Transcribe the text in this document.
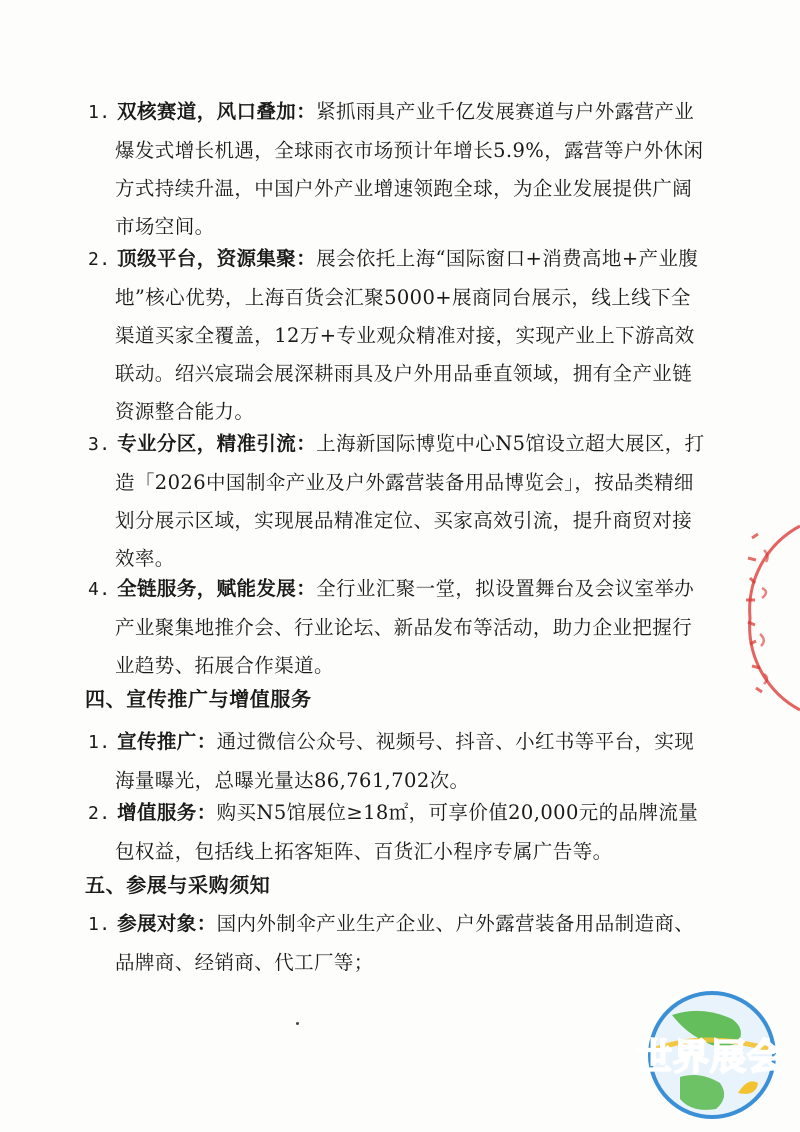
1. 双核赛道，风口叠加：紧抓雨具产业千亿发展赛道与户外露营产业爆发式增长机遇，全球雨衣市场预计年增长5.9%，露营等户外休闲方式持续升温，中国户外产业增速领跑全球，为企业发展提供广阔市场空间。
2. 顶级平台，资源集聚：展会依托上海“国际窗口+消费高地+产业腹地”核心优势，上海百货会汇聚5000+展商同台展示，线上线下全渠道买家全覆盖，12万+专业观众精准对接，实现产业上下游高效联动。绍兴宸瑞会展深耕雨具及户外用品垂直领域，拥有全产业链资源整合能力。
3. 专业分区，精准引流：上海新国际博览中心N5馆设立超大展区，打造「2026中国制伞产业及户外露营装备用品博览会」，按品类精细划分展示区域，实现展品精准定位、买家高效引流，提升商贸对接效率。
4. 全链服务，赋能发展：全行业汇聚一堂，拟设置舞台及会议室举办产业聚集地推介会、行业论坛、新品发布等活动，助力企业把握行业趋势、拓展合作渠道。
四、宣传推广与增值服务
1. 宣传推广：通过微信公众号、视频号、抖音、小红书等平台，实现海量曝光，总曝光量达86,761,702次。
2. 增值服务：购买N5馆展位≥18㎡，可享价值20,000元的品牌流量包权益，包括线上拓客矩阵、百货汇小程序专属广告等。
五、参展与采购须知
1. 参展对象：国内外制伞产业生产企业、户外露营装备用品制造商、品牌商、经销商、代工厂等；
世界展会
